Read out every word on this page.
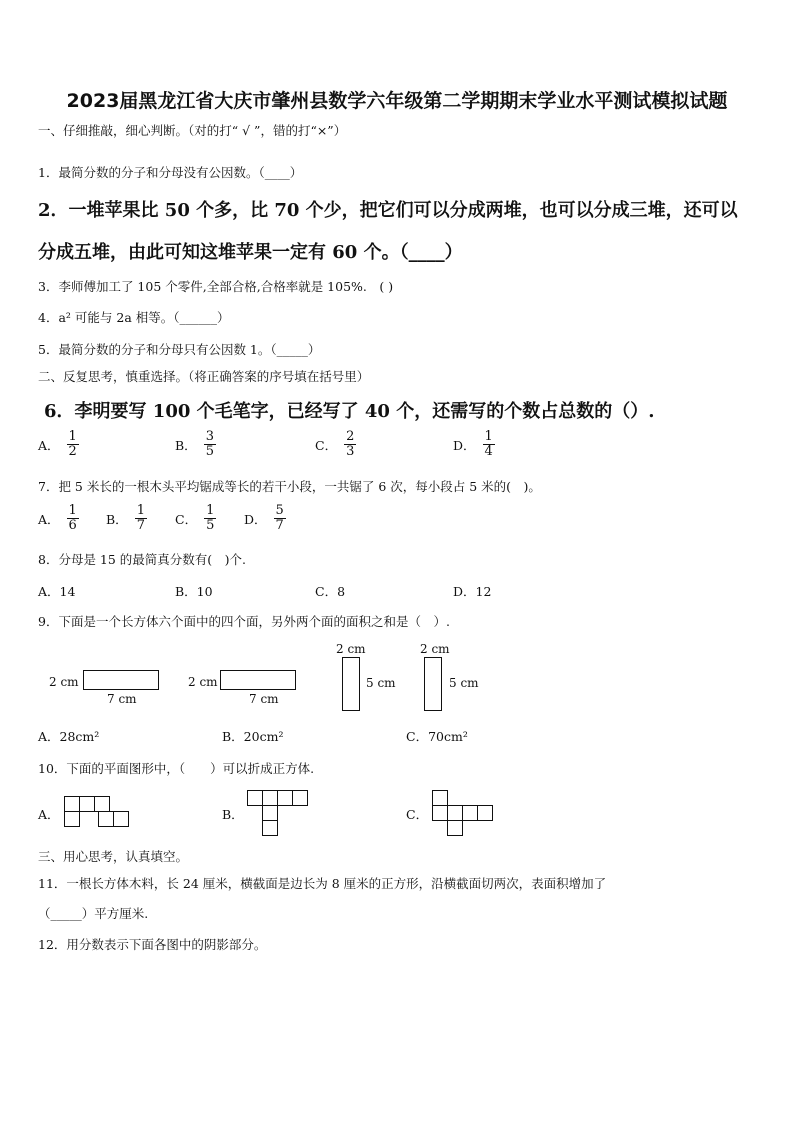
2023届黑龙江省大庆市肇州县数学六年级第二学期期末学业水平测试模拟试题
一、仔细推敲，细心判断。（对的打“ √ ”，错的打“×”）
1．最简分数的分子和分母没有公因数。（____）
2．一堆苹果比 50 个多，比 70 个少，把它们可以分成两堆，也可以分成三堆，还可以
分成五堆，由此可知这堆苹果一定有 60 个。（____）
3．李师傅加工了 105 个零件,全部合格,合格率就是 105%.　( )
4．a² 可能与 2a 相等。（______）
5．最简分数的分子和分母只有公因数 1。（_____）
二、反复思考，慎重选择。（将正确答案的序号填在括号里）
6．李明要写 100 个毛笔字，已经写了 40 个，还需写的个数占总数的（）.
A． $\frac{1}{2}$	B． $\frac{3}{5}$	C． $\frac{2}{3}$	D． $\frac{1}{4}$
7．把 5 米长的一根木头平均锯成等长的若干小段，一共锯了 6 次，每小段占 5 米的(　)。
A． $\frac{1}{6}$ B． $\frac{1}{7}$ C． $\frac{1}{5}$ D． $\frac{5}{7}$
8．分母是 15 的最简真分数有(　)个.
A．14	B．10	C．8	D．12
9．下面是一个长方体六个面中的四个面，另外两个面的面积之和是（　）.
2 cm
7 cm
2 cm
7 cm
2 cm
5 cm
2 cm
5 cm
A．28cm²	B．20cm²	C．70cm²
10．下面的平面图形中，（　　）可以折成正方体.
A．	B．	C．
三、用心思考，认真填空。
11．一根长方体木料，长 24 厘米，横截面是边长为 8 厘米的正方形，沿横截面切两次，表面积增加了
（_____）平方厘米.
12．用分数表示下面各图中的阴影部分。
